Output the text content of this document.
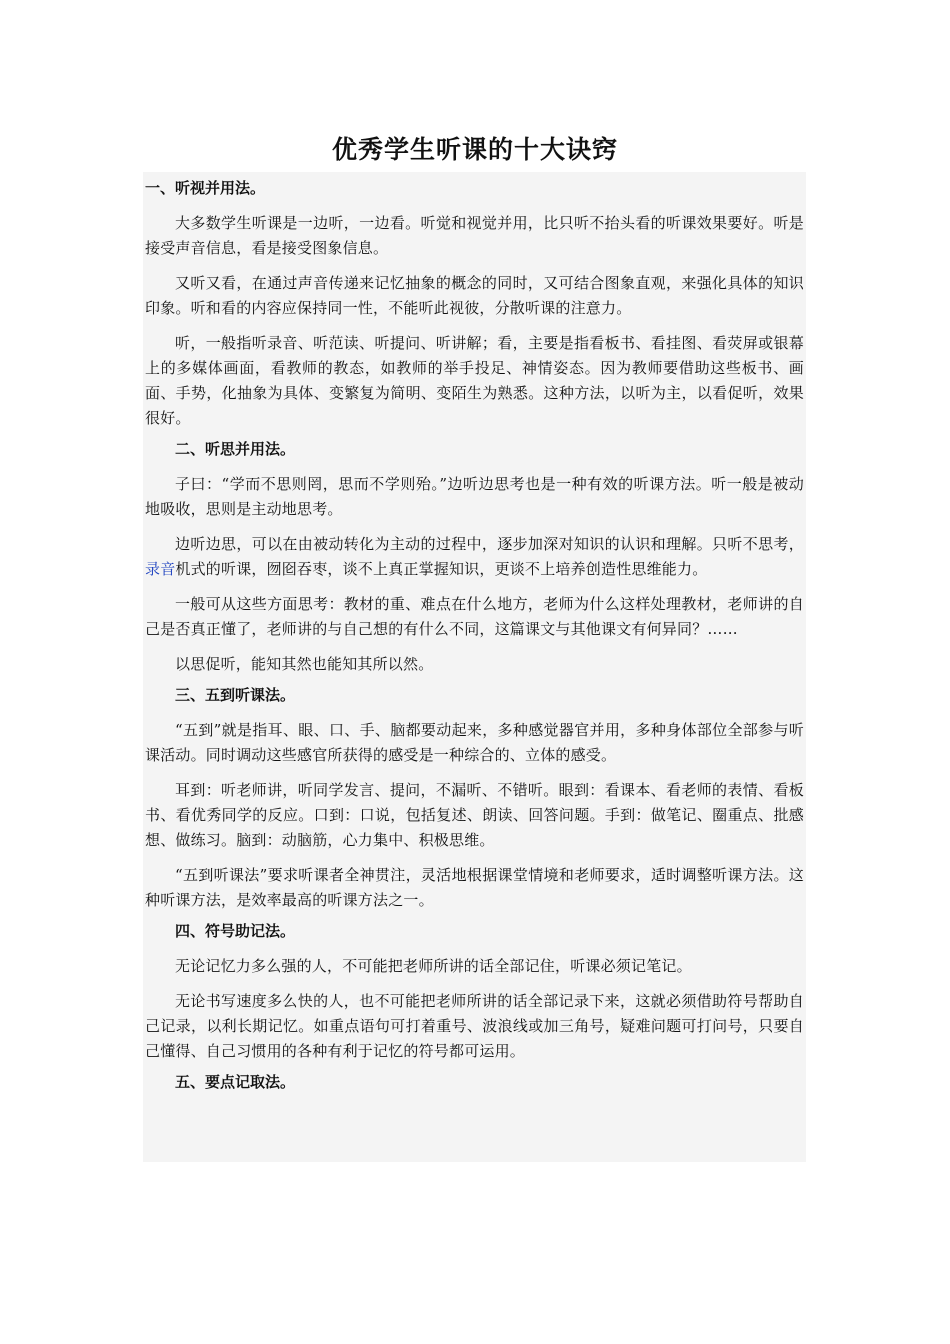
优秀学生听课的十大诀窍
一、听视并用法。

大多数学生听课是一边听，一边看。听觉和视觉并用，比只听不抬头看的听课效果要好。听是接受声音信息，看是接受图象信息。

又听又看，在通过声音传递来记忆抽象的概念的同时，又可结合图象直观，来强化具体的知识印象。听和看的内容应保持同一性，不能听此视彼，分散听课的注意力。

听，一般指听录音、听范读、听提问、听讲解；看，主要是指看板书、看挂图、看荧屏或银幕上的多媒体画面，看教师的教态，如教师的举手投足、神情姿态。因为教师要借助这些板书、画面、手势，化抽象为具体、变繁复为简明、变陌生为熟悉。这种方法，以听为主，以看促听，效果很好。

二、听思并用法。

子曰：“学而不思则罔，思而不学则殆。”边听边思考也是一种有效的听课方法。听一般是被动地吸收，思则是主动地思考。

边听边思，可以在由被动转化为主动的过程中，逐步加深对知识的认识和理解。只听不思考，录音机式的听课，囫囵吞枣，谈不上真正掌握知识，更谈不上培养创造性思维能力。

一般可从这些方面思考：教材的重、难点在什么地方，老师为什么这样处理教材，老师讲的自己是否真正懂了，老师讲的与自己想的有什么不同，这篇课文与其他课文有何异同？……

以思促听，能知其然也能知其所以然。

三、五到听课法。

“五到”就是指耳、眼、口、手、脑都要动起来，多种感觉器官并用，多种身体部位全部参与听课活动。同时调动这些感官所获得的感受是一种综合的、立体的感受。

耳到：听老师讲，听同学发言、提问，不漏听、不错听。眼到：看课本、看老师的表情、看板书、看优秀同学的反应。口到：口说，包括复述、朗读、回答问题。手到：做笔记、圈重点、批感想、做练习。脑到：动脑筋，心力集中、积极思维。

“五到听课法”要求听课者全神贯注，灵活地根据课堂情境和老师要求，适时调整听课方法。这种听课方法，是效率最高的听课方法之一。

四、符号助记法。

无论记忆力多么强的人，不可能把老师所讲的话全部记住，听课必须记笔记。

无论书写速度多么快的人，也不可能把老师所讲的话全部记录下来，这就必须借助符号帮助自己记录，以利长期记忆。如重点语句可打着重号、波浪线或加三角号，疑难问题可打问号，只要自己懂得、自己习惯用的各种有利于记忆的符号都可运用。

五、要点记取法。
